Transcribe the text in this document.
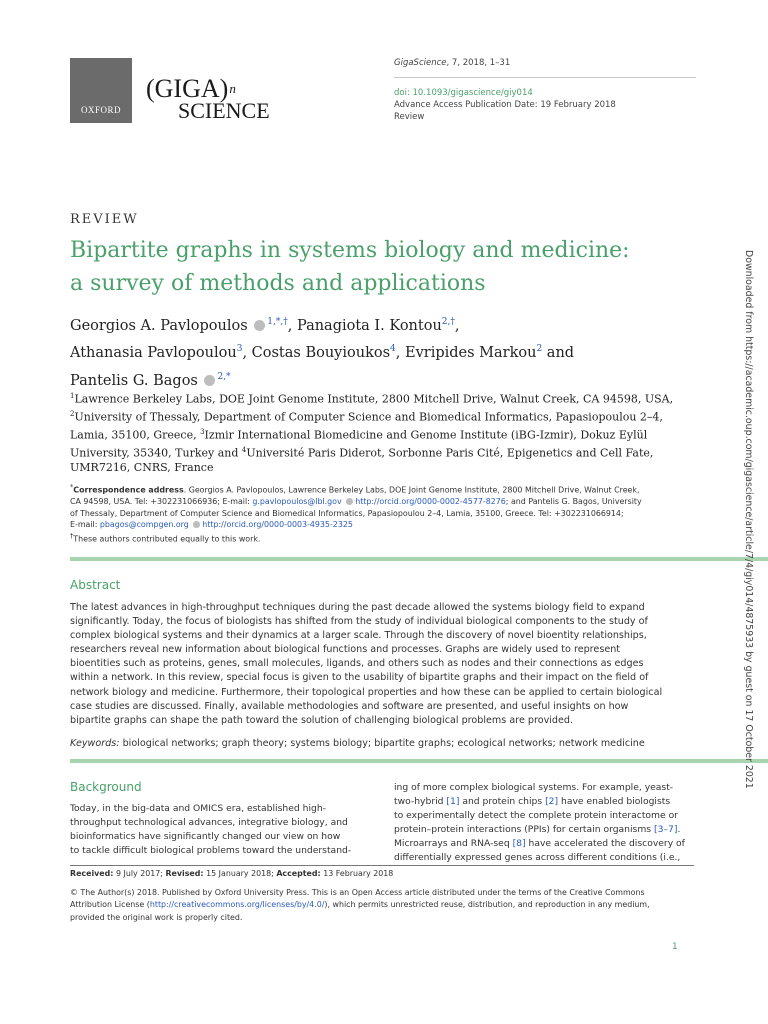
OXFORD
(GIGA)$^n$
SCIENCE
GigaScience, 7, 2018, 1–31
doi: 10.1093/gigascience/giy014
Advance Access Publication Date: 19 February 2018
Review
REVIEW
Bipartite graphs in systems biology and medicine:
a survey of methods and applications
Georgios A. Pavlopoulos $^{1,*,\dagger}$, Panagiota I. Kontou$^{2,\dagger}$,
Athanasia Pavlopoulou$^3$, Costas Bouyioukos$^4$, Evripides Markou$^2$ and
Pantelis G. Bagos $^{2,*}$
$^1$Lawrence Berkeley Labs, DOE Joint Genome Institute, 2800 Mitchell Drive, Walnut Creek, CA 94598, USA,
$^2$University of Thessaly, Department of Computer Science and Biomedical Informatics, Papasiopoulou 2–4,
Lamia, 35100, Greece, $^3$Izmir International Biomedicine and Genome Institute (iBG-Izmir), Dokuz Eylül
University, 35340, Turkey and $^4$Université Paris Diderot, Sorbonne Paris Cité, Epigenetics and Cell Fate,
UMR7216, CNRS, France
*Correspondence address. Georgios A. Pavlopoulos, Lawrence Berkeley Labs, DOE Joint Genome Institute, 2800 Mitchell Drive, Walnut Creek,
CA 94598, USA. Tel: +302231066936; E-mail: g.pavlopoulos@lbl.gov http://orcid.org/0000-0002-4577-8276; and Pantelis G. Bagos, University
of Thessaly, Department of Computer Science and Biomedical Informatics, Papasiopoulou 2–4, Lamia, 35100, Greece. Tel: +302231066914;
E-mail: pbagos@compgen.org http://orcid.org/0000-0003-4935-2325
†These authors contributed equally to this work.
Abstract
The latest advances in high-throughput techniques during the past decade allowed the systems biology field to expand
significantly. Today, the focus of biologists has shifted from the study of individual biological components to the study of
complex biological systems and their dynamics at a larger scale. Through the discovery of novel bioentity relationships,
researchers reveal new information about biological functions and processes. Graphs are widely used to represent
bioentities such as proteins, genes, small molecules, ligands, and others such as nodes and their connections as edges
within a network. In this review, special focus is given to the usability of bipartite graphs and their impact on the field of
network biology and medicine. Furthermore, their topological properties and how these can be applied to certain biological
case studies are discussed. Finally, available methodologies and software are presented, and useful insights on how
bipartite graphs can shape the path toward the solution of challenging biological problems are provided.
Keywords: biological networks; graph theory; systems biology; bipartite graphs; ecological networks; network medicine
Background
Today, in the big-data and OMICS era, established high-
throughput technological advances, integrative biology, and
bioinformatics have significantly changed our view on how
to tackle difficult biological problems toward the understand-
ing of more complex biological systems. For example, yeast-
two-hybrid [1] and protein chips [2] have enabled biologists
to experimentally detect the complete protein interactome or
protein–protein interactions (PPIs) for certain organisms [3–7].
Microarrays and RNA-seq [8] have accelerated the discovery of
differentially expressed genes across different conditions (i.e.,
Received: 9 July 2017; Revised: 15 January 2018; Accepted: 13 February 2018
© The Author(s) 2018. Published by Oxford University Press. This is an Open Access article distributed under the terms of the Creative Commons
Attribution License (http://creativecommons.org/licenses/by/4.0/), which permits unrestricted reuse, distribution, and reproduction in any medium,
provided the original work is properly cited.
1
Downloaded from https://academic.oup.com/gigascience/article/7/4/giy014/4875933 by guest on 17 October 2021
